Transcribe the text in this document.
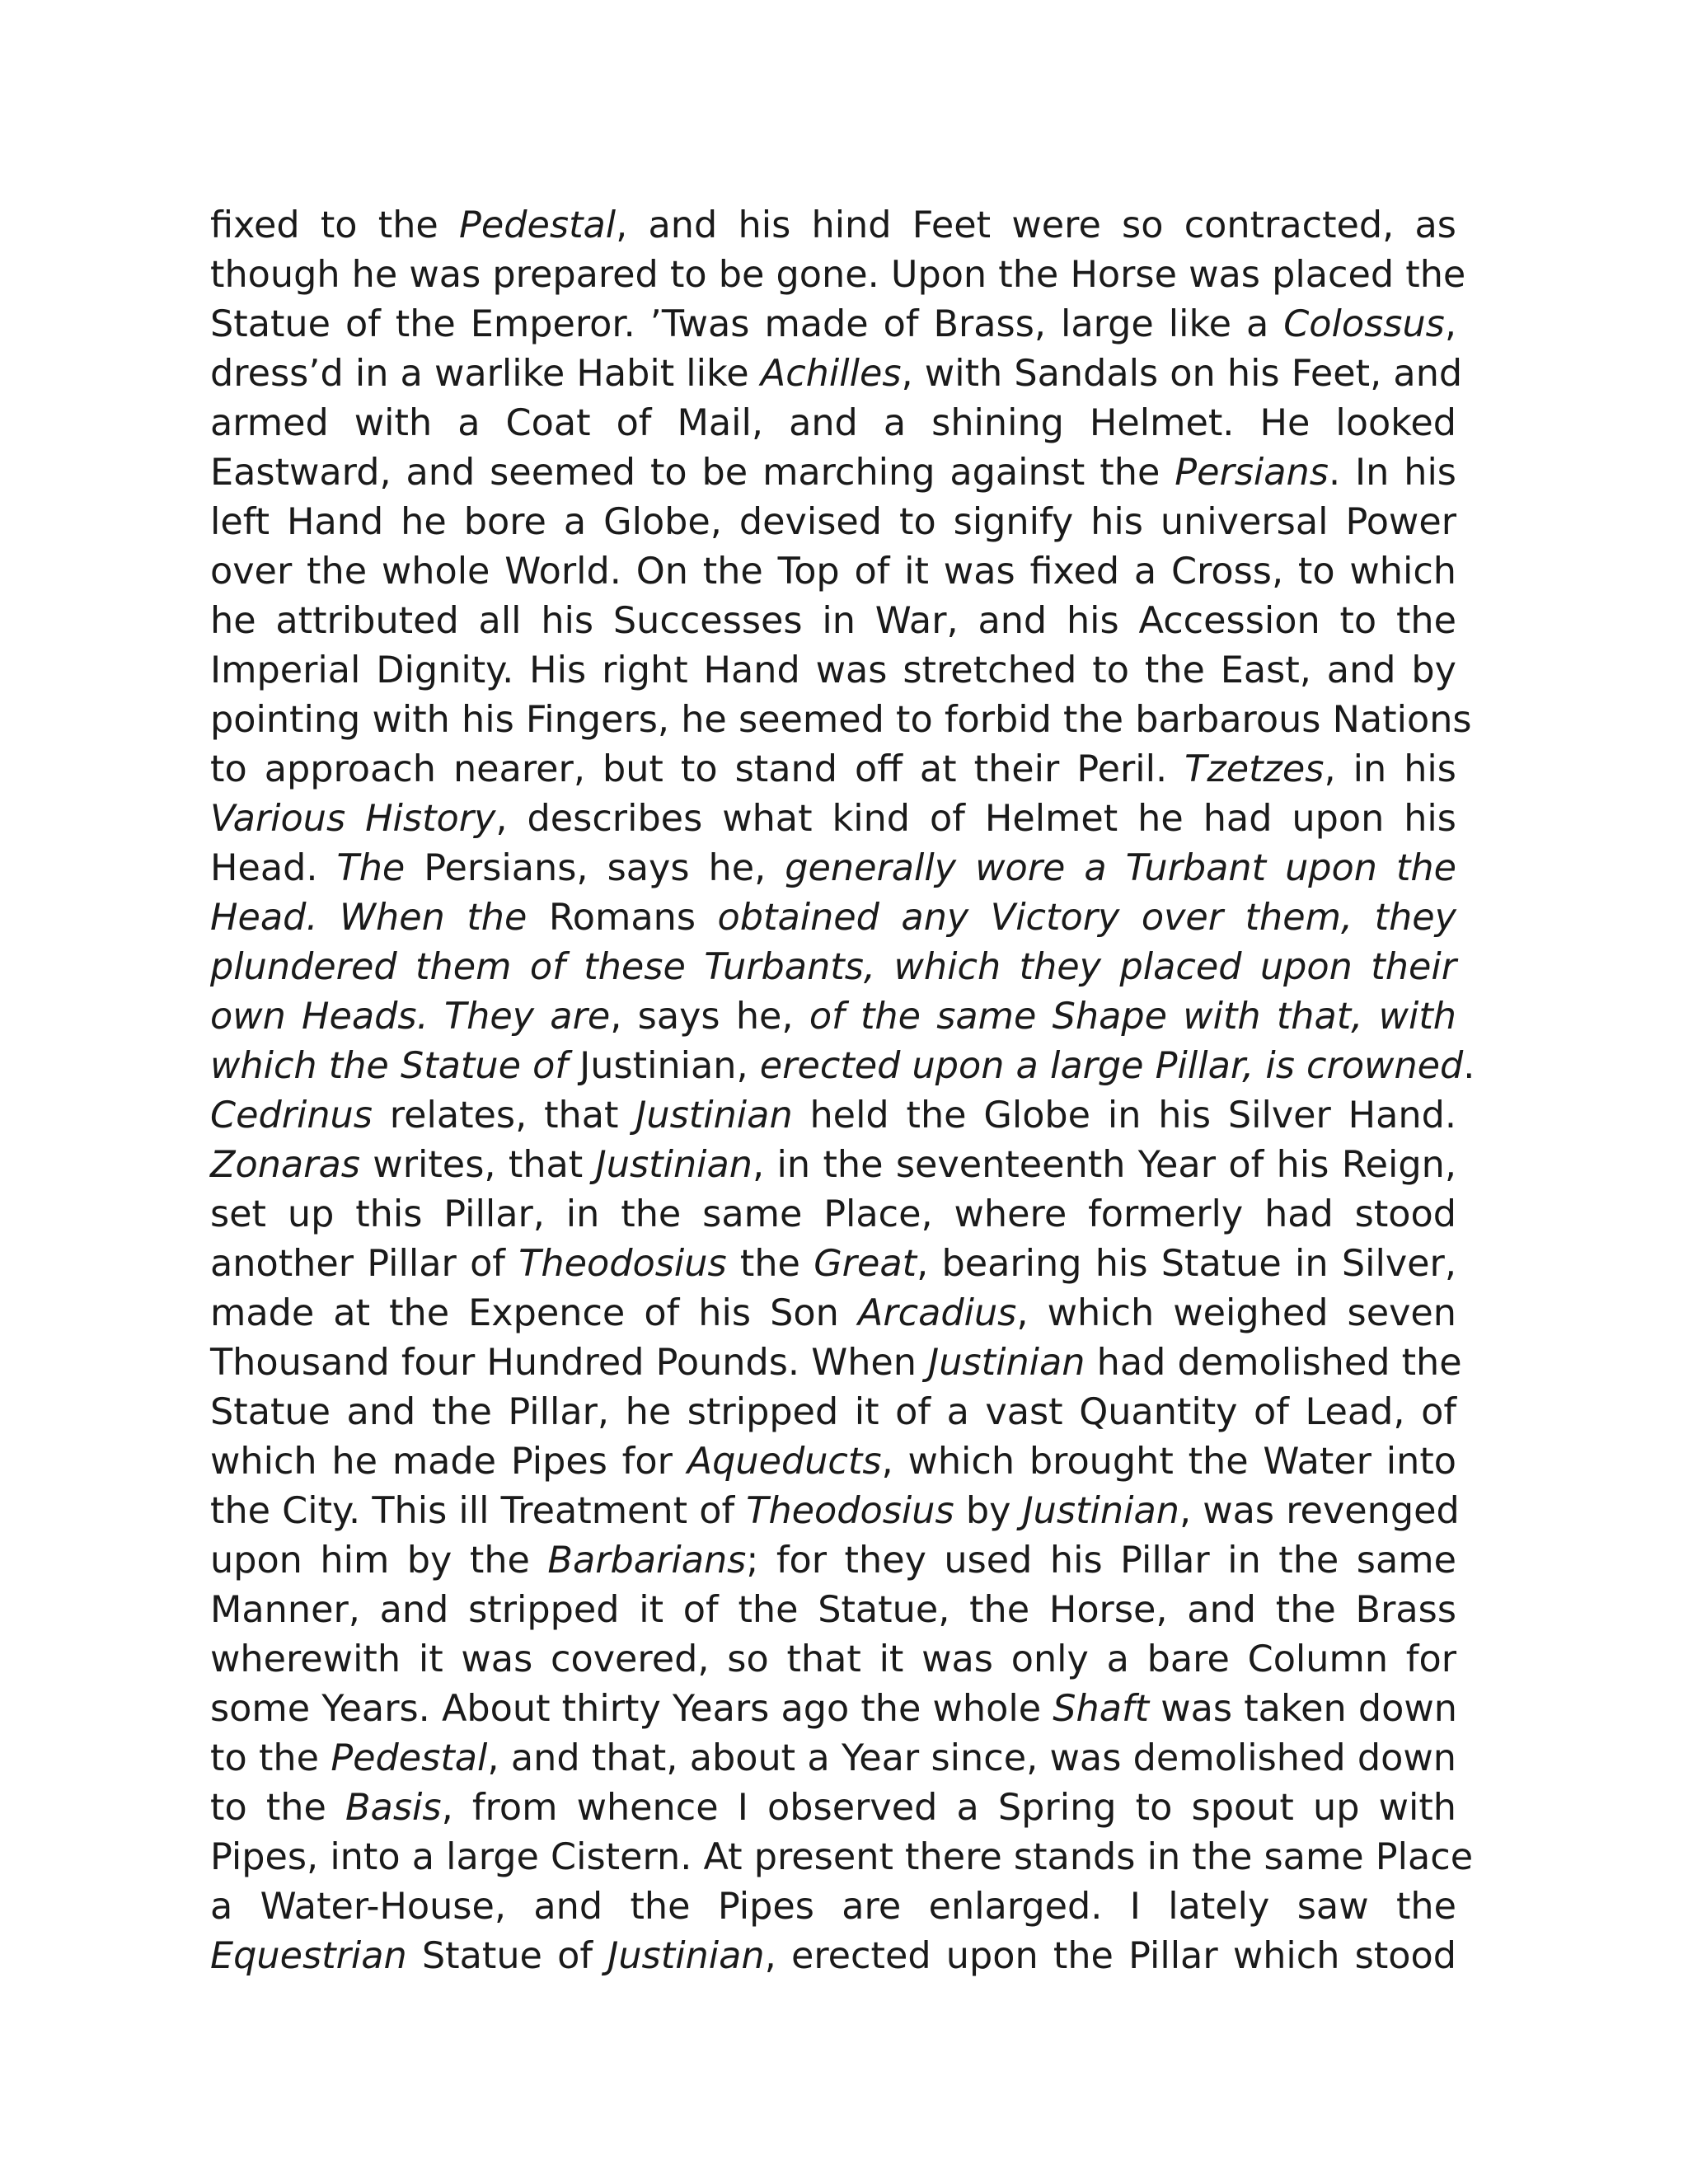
fixed to the Pedestal, and his hind Feet were so contracted, as
though he was prepared to be gone. Upon the Horse was placed the
Statue of the Emperor. ’Twas made of Brass, large like a Colossus,
dress’d in a warlike Habit like Achilles, with Sandals on his Feet, and
armed with a Coat of Mail, and a shining Helmet. He looked
Eastward, and seemed to be marching against the Persians. In his
left Hand he bore a Globe, devised to signify his universal Power
over the whole World. On the Top of it was fixed a Cross, to which
he attributed all his Successes in War, and his Accession to the
Imperial Dignity. His right Hand was stretched to the East, and by
pointing with his Fingers, he seemed to forbid the barbarous Nations
to approach nearer, but to stand off at their Peril. Tzetzes, in his
Various History, describes what kind of Helmet he had upon his
Head. The Persians, says he, generally wore a Turbant upon the
Head. When the Romans obtained any Victory over them, they
plundered them of these Turbants, which they placed upon their
own Heads. They are, says he, of the same Shape with that, with
which the Statue of Justinian, erected upon a large Pillar, is crowned.
Cedrinus relates, that Justinian held the Globe in his Silver Hand.
Zonaras writes, that Justinian, in the seventeenth Year of his Reign,
set up this Pillar, in the same Place, where formerly had stood
another Pillar of Theodosius the Great, bearing his Statue in Silver,
made at the Expence of his Son Arcadius, which weighed seven
Thousand four Hundred Pounds. When Justinian had demolished the
Statue and the Pillar, he stripped it of a vast Quantity of Lead, of
which he made Pipes for Aqueducts, which brought the Water into
the City. This ill Treatment of Theodosius by Justinian, was revenged
upon him by the Barbarians; for they used his Pillar in the same
Manner, and stripped it of the Statue, the Horse, and the Brass
wherewith it was covered, so that it was only a bare Column for
some Years. About thirty Years ago the whole Shaft was taken down
to the Pedestal, and that, about a Year since, was demolished down
to the Basis, from whence I observed a Spring to spout up with
Pipes, into a large Cistern. At present there stands in the same Place
a Water-House, and the Pipes are enlarged. I lately saw the
Equestrian Statue of Justinian, erected upon the Pillar which stood
